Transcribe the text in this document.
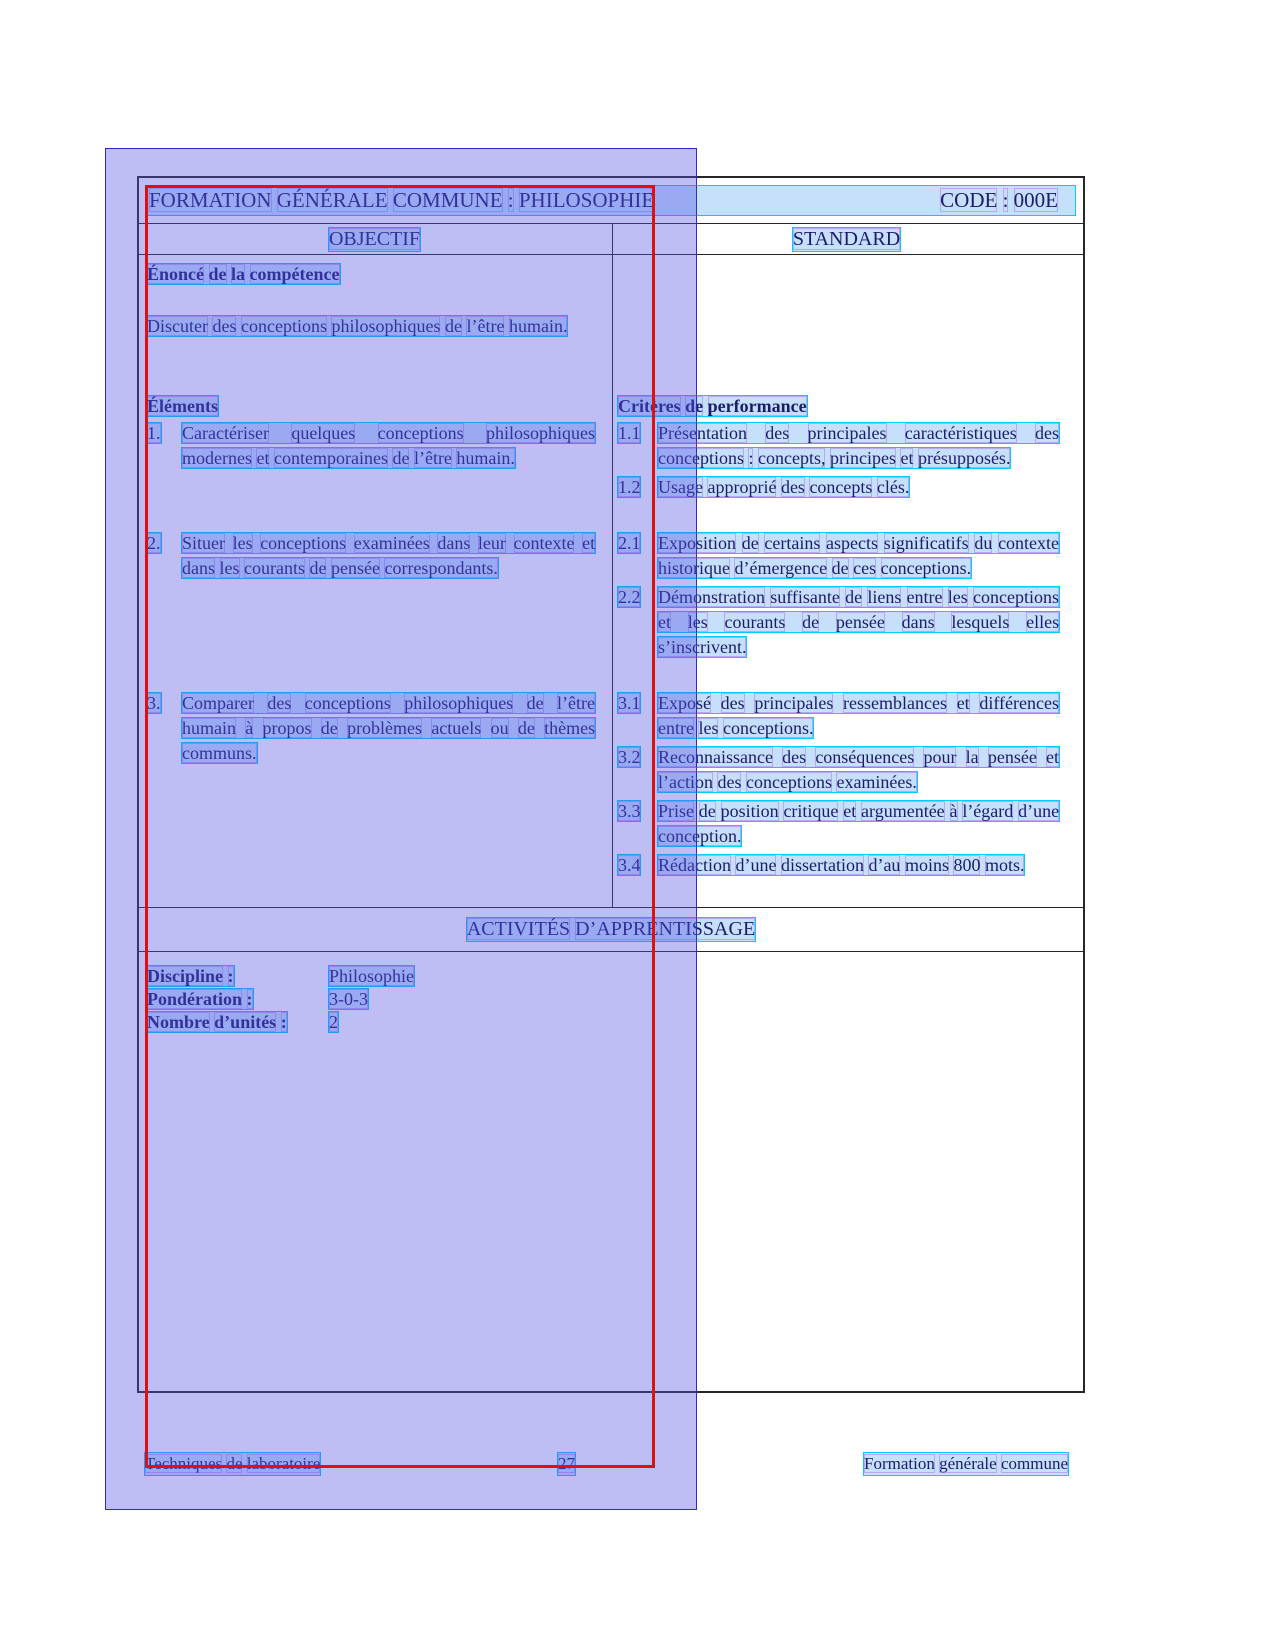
FORMATION GÉNÉRALE COMMUNE : PHILOSOPHIE	CODE : 000E
OBJECTIF	STANDARD

Énoncé de la compétence

Discuter des conceptions philosophiques de l’être humain.

Éléments	Critères de performance
1.	Caractériser quelques conceptions philosophiques modernes et contemporaines de l’être humain.
1.1 Présentation des principales caractéristiques des conceptions : concepts, principes et présupposés.
1.2 Usage approprié des concepts clés.
2.	Situer les conceptions examinées dans leur contexte et dans les courants de pensée correspondants.
2.1 Exposition de certains aspects significatifs du contexte historique d’émergence de ces conceptions.
2.2 Démonstration suffisante de liens entre les conceptions et les courants de pensée dans lesquels elles s’inscrivent.
3.	Comparer des conceptions philosophiques de l’être humain à propos de problèmes actuels ou de thèmes communs.
3.1 Exposé des principales ressemblances et différences entre les conceptions.
3.2 Reconnaissance des conséquences pour la pensée et l’action des conceptions examinées.
3.3 Prise de position critique et argumentée à l’égard d’une conception.
3.4 Rédaction d’une dissertation d’au moins 800 mots.
ACTIVITÉS D’APPRENTISSAGE
Discipline :	Philosophie
Pondération :	3-0-3
Nombre d’unités :	2
Techniques de laboratoire	27	Formation générale commune
